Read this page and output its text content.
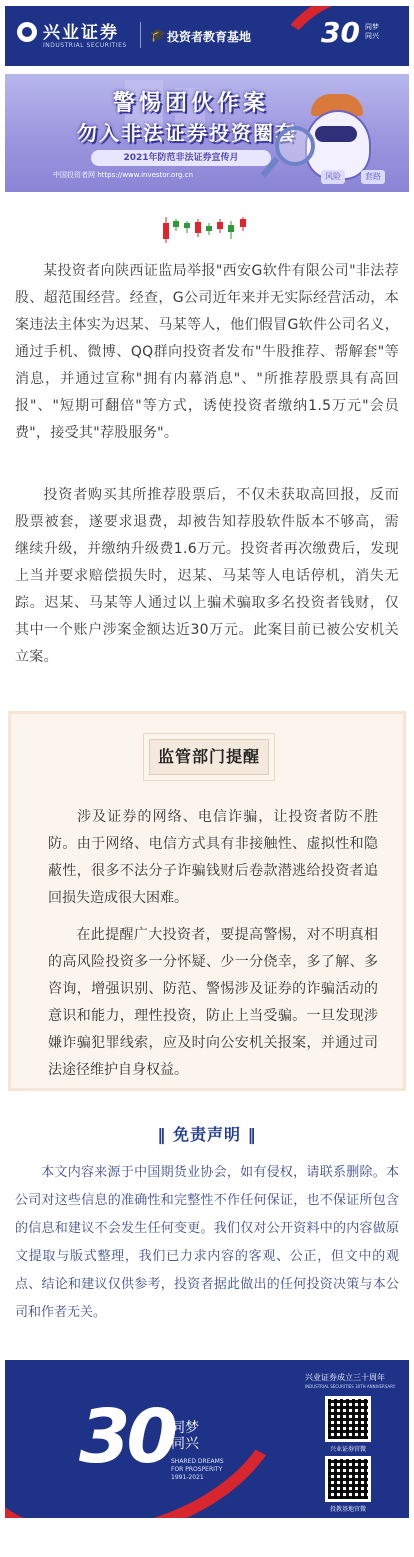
兴业证券
INDUSTRIAL SECURITIES
🎓 投资者教育基地 30 同梦
同兴
警惕团伙作案
勿入非法证券投资圈套
2021年防范非法证券宣传月
中国投资者网 https://www.investor.org.cn	风险	套路
某投资者向陕西证监局举报"西安G软件有限公司"非法荐股、超范围经营。经查，G公司近年来并无实际经营活动，本案违法主体实为迟某、马某等人，他们假冒G软件公司名义，通过手机、微博、QQ群向投资者发布"牛股推荐、帮解套"等消息，并通过宣称"拥有内幕消息"、"所推荐股票具有高回报"、"短期可翻倍"等方式，诱使投资者缴纳1.5万元"会员费"，接受其"荐股服务"。
投资者购买其所推荐股票后，不仅未获取高回报，反而股票被套，遂要求退费，却被告知荐股软件版本不够高，需继续升级，并缴纳升级费1.6万元。投资者再次缴费后，发现上当并要求赔偿损失时，迟某、马某等人电话停机，消失无踪。迟某、马某等人通过以上骗术骗取多名投资者钱财，仅其中一个账户涉案金额达近30万元。此案目前已被公安机关立案。
监管部门提醒
涉及证券的网络、电信诈骗，让投资者防不胜防。由于网络、电信方式具有非接触性、虚拟性和隐蔽性，很多不法分子诈骗钱财后卷款潜逃给投资者追回损失造成很大困难。
在此提醒广大投资者，要提高警惕，对不明真相的高风险投资多一分怀疑、少一分侥幸，多了解、多咨询，增强识别、防范、警惕涉及证券的诈骗活动的意识和能力，理性投资，防止上当受骗。一旦发现涉嫌诈骗犯罪线索，应及时向公安机关报案，并通过司法途径维护自身权益。
‖ 免责声明 ‖
本文内容来源于中国期货业协会，如有侵权，请联系删除。本公司对这些信息的准确性和完整性不作任何保证，也不保证所包含的信息和建议不会发生任何变更。我们仅对公开资料中的内容做原文提取与版式整理，我们已力求内容的客观、公正，但文中的观点、结论和建议仅供参考，投资者据此做出的任何投资决策与本公司和作者无关。
30
同梦
同兴
SHARED DREAMS
FOR PROSPERITY
1991-2021
兴业证券成立三十周年
INDUSTRIAL SECURITIES 30TH ANNIVERSARY
兴业证券官微
投教基地官微
